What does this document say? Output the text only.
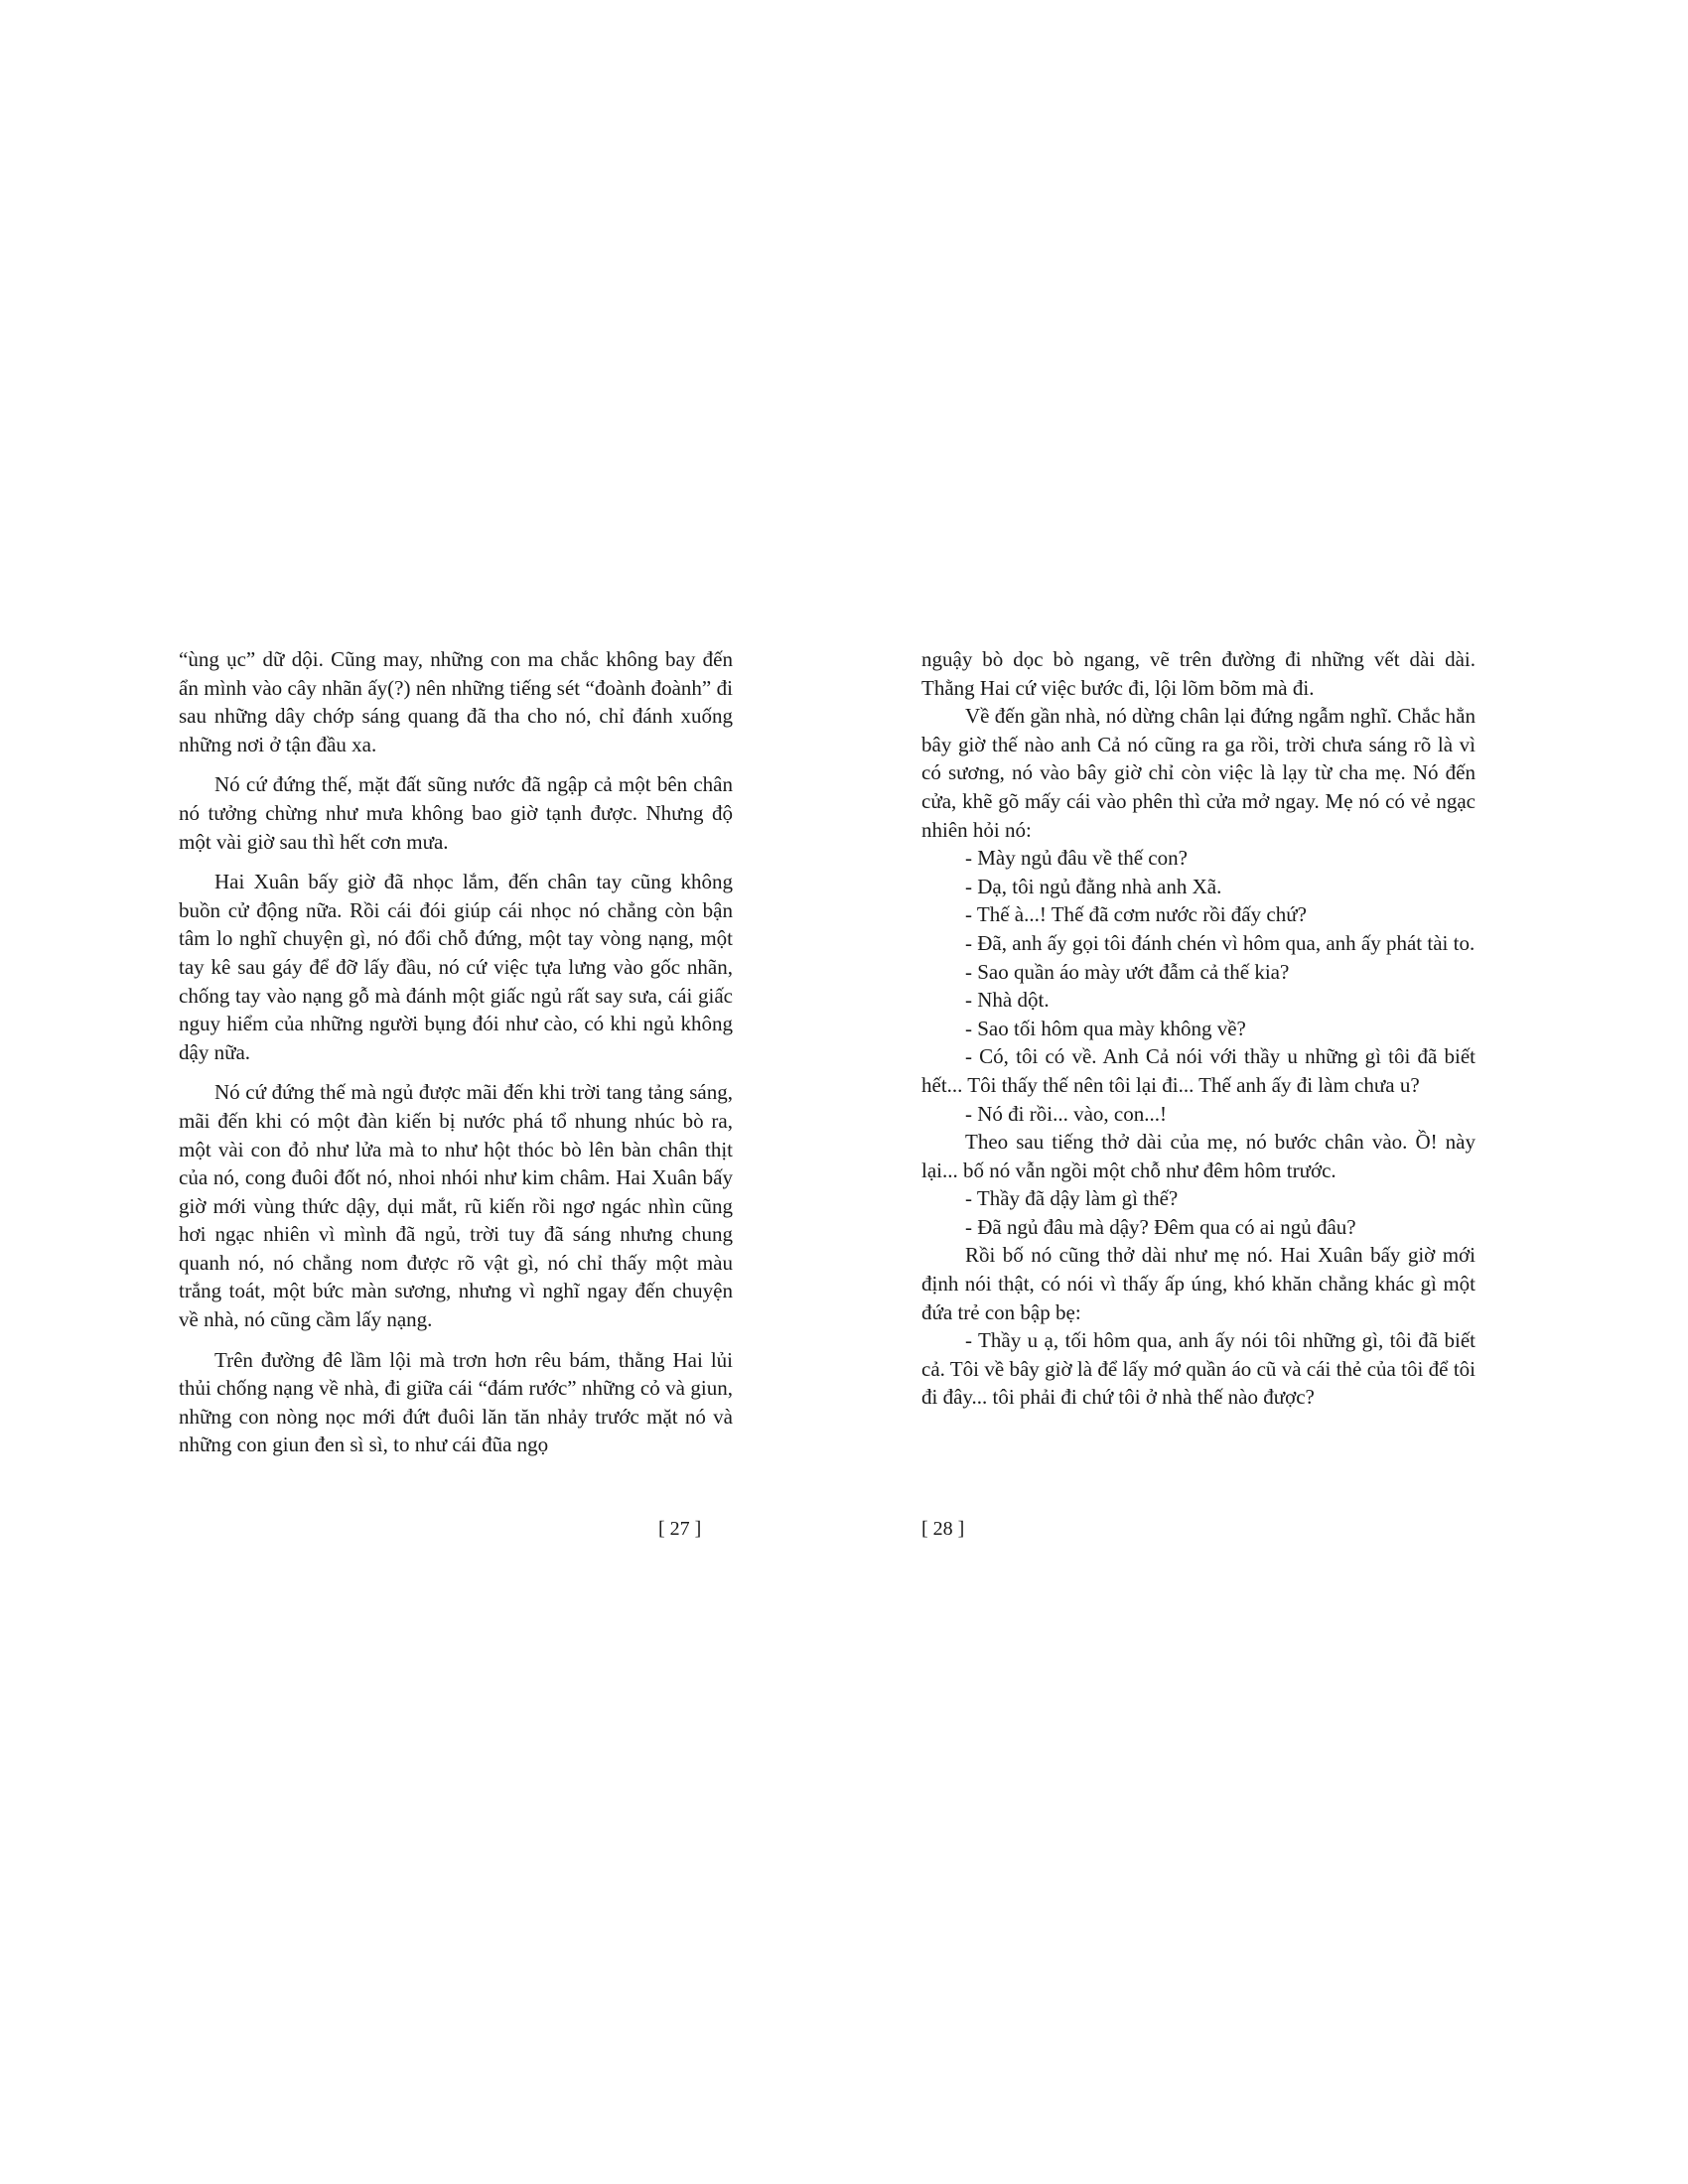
“ùng ục” dữ dội. Cũng may, những con ma chắc không bay đến ẩn mình vào cây nhãn ấy(?) nên những tiếng sét “đoành đoành” đi sau những dây chớp sáng quang đã tha cho nó, chỉ đánh xuống những nơi ở tận đầu xa.

Nó cứ đứng thế, mặt đất sũng nước đã ngập cả một bên chân nó tưởng chừng như mưa không bao giờ tạnh được. Nhưng độ một vài giờ sau thì hết cơn mưa.

Hai Xuân bấy giờ đã nhọc lắm, đến chân tay cũng không buồn cử động nữa. Rồi cái đói giúp cái nhọc nó chẳng còn bận tâm lo nghĩ chuyện gì, nó đổi chỗ đứng, một tay vòng nạng, một tay kê sau gáy để đỡ lấy đầu, nó cứ việc tựa lưng vào gốc nhãn, chống tay vào nạng gỗ mà đánh một giấc ngủ rất say sưa, cái giấc nguy hiểm của những người bụng đói như cào, có khi ngủ không dậy nữa.

Nó cứ đứng thế mà ngủ được mãi đến khi trời tang tảng sáng, mãi đến khi có một đàn kiến bị nước phá tổ nhung nhúc bò ra, một vài con đỏ như lửa mà to như hột thóc bò lên bàn chân thịt của nó, cong đuôi đốt nó, nhoi nhói như kim châm. Hai Xuân bấy giờ mới vùng thức dậy, dụi mắt, rũ kiến rồi ngơ ngác nhìn cũng hơi ngạc nhiên vì mình đã ngủ, trời tuy đã sáng nhưng chung quanh nó, nó chẳng nom được rõ vật gì, nó chỉ thấy một màu trắng toát, một bức màn sương, nhưng vì nghĩ ngay đến chuyện về nhà, nó cũng cầm lấy nạng.

Trên đường đê lầm lội mà trơn hơn rêu bám, thằng Hai lủi thủi chống nạng về nhà, đi giữa cái “đám rước” những cỏ và giun, những con nòng nọc mới đứt đuôi lăn tăn nhảy trước mặt nó và những con giun đen sì sì, to như cái đũa ngọ

[ 27 ]

nguậy bò dọc bò ngang, vẽ trên đường đi những vết dài dài. Thằng Hai cứ việc bước đi, lội lõm bõm mà đi.

Về đến gần nhà, nó dừng chân lại đứng ngẫm nghĩ. Chắc hẳn bây giờ thế nào anh Cả nó cũng ra ga rồi, trời chưa sáng rõ là vì có sương, nó vào bây giờ chỉ còn việc là lạy từ cha mẹ. Nó đến cửa, khẽ gõ mấy cái vào phên thì cửa mở ngay. Mẹ nó có vẻ ngạc nhiên hỏi nó:

- Mày ngủ đâu về thế con?

- Dạ, tôi ngủ đằng nhà anh Xã.

- Thế à...! Thế đã cơm nước rồi đấy chứ?

- Đã, anh ấy gọi tôi đánh chén vì hôm qua, anh ấy phát tài to.

- Sao quần áo mày ướt đẫm cả thế kia?

- Nhà dột.

- Sao tối hôm qua mày không về?

- Có, tôi có về. Anh Cả nói với thầy u những gì tôi đã biết hết... Tôi thấy thế nên tôi lại đi... Thế anh ấy đi làm chưa u?

- Nó đi rồi... vào, con...!

Theo sau tiếng thở dài của mẹ, nó bước chân vào. Ồ! này lại... bố nó vẫn ngồi một chỗ như đêm hôm trước.

- Thầy đã dậy làm gì thế?

- Đã ngủ đâu mà dậy? Đêm qua có ai ngủ đâu?

Rồi bố nó cũng thở dài như mẹ nó. Hai Xuân bấy giờ mới định nói thật, có nói vì thấy ấp úng, khó khăn chẳng khác gì một đứa trẻ con bập bẹ:

- Thầy u ạ, tối hôm qua, anh ấy nói tôi những gì, tôi đã biết cả. Tôi về bây giờ là để lấy mớ quần áo cũ và cái thẻ của tôi để tôi đi đây... tôi phải đi chứ tôi ở nhà thế nào được?

[ 28 ]
